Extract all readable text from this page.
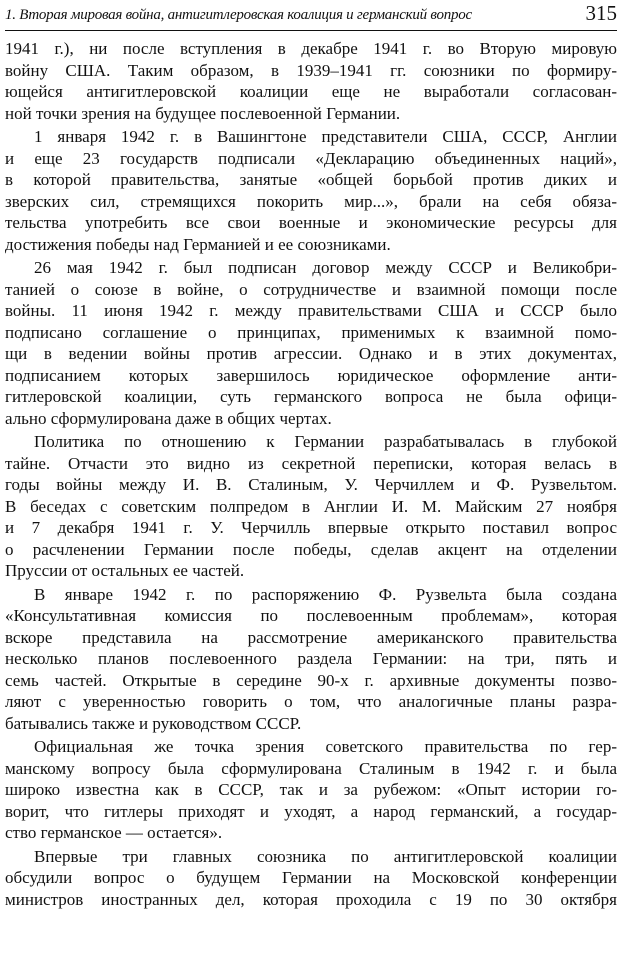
1. Вторая мировая война, антигитлеровская коалиция и германский вопрос	315
1941 г.), ни после вступления в декабре 1941 г. во Вторую мировую
войну США. Таким образом, в 1939–1941 гг. союзники по формиру-
ющейся антигитлеровской коалиции еще не выработали согласован-
ной точки зрения на будущее послевоенной Германии.
1 января 1942 г. в Вашингтоне представители США, СССР, Англии
и еще 23 государств подписали «Декларацию объединенных наций»,
в которой правительства, занятые «общей борьбой против диких и
зверских сил, стремящихся покорить мир...», брали на себя обяза-
тельства употребить все свои военные и экономические ресурсы для
достижения победы над Германией и ее союзниками.
26 мая 1942 г. был подписан договор между СССР и Великобри-
танией о союзе в войне, о сотрудничестве и взаимной помощи после
войны. 11 июня 1942 г. между правительствами США и СССР было
подписано соглашение о принципах, применимых к взаимной помо-
щи в ведении войны против агрессии. Однако и в этих документах,
подписанием которых завершилось юридическое оформление анти-
гитлеровской коалиции, суть германского вопроса не была офици-
ально сформулирована даже в общих чертах.
Политика по отношению к Германии разрабатывалась в глубокой
тайне. Отчасти это видно из секретной переписки, которая велась в
годы войны между И. В. Сталиным, У. Черчиллем и Ф. Рузвельтом.
В беседах с советским полпредом в Англии И. М. Майским 27 ноября
и 7 декабря 1941 г. У. Черчилль впервые открыто поставил вопрос
о расчленении Германии после победы, сделав акцент на отделении
Пруссии от остальных ее частей.
В январе 1942 г. по распоряжению Ф. Рузвельта была создана
«Консультативная комиссия по послевоенным проблемам», которая
вскоре представила на рассмотрение американского правительства
несколько планов послевоенного раздела Германии: на три, пять и
семь частей. Открытые в середине 90-х г. архивные документы позво-
ляют с уверенностью говорить о том, что аналогичные планы разра-
батывались также и руководством СССР.
Официальная же точка зрения советского правительства по гер-
манскому вопросу была сформулирована Сталиным в 1942 г. и была
широко известна как в СССР, так и за рубежом: «Опыт истории го-
ворит, что гитлеры приходят и уходят, а народ германский, а государ-
ство германское — остается».
Впервые три главных союзника по антигитлеровской коалиции
обсудили вопрос о будущем Германии на Московской конференции
министров иностранных дел, которая проходила с 19 по 30 октября
